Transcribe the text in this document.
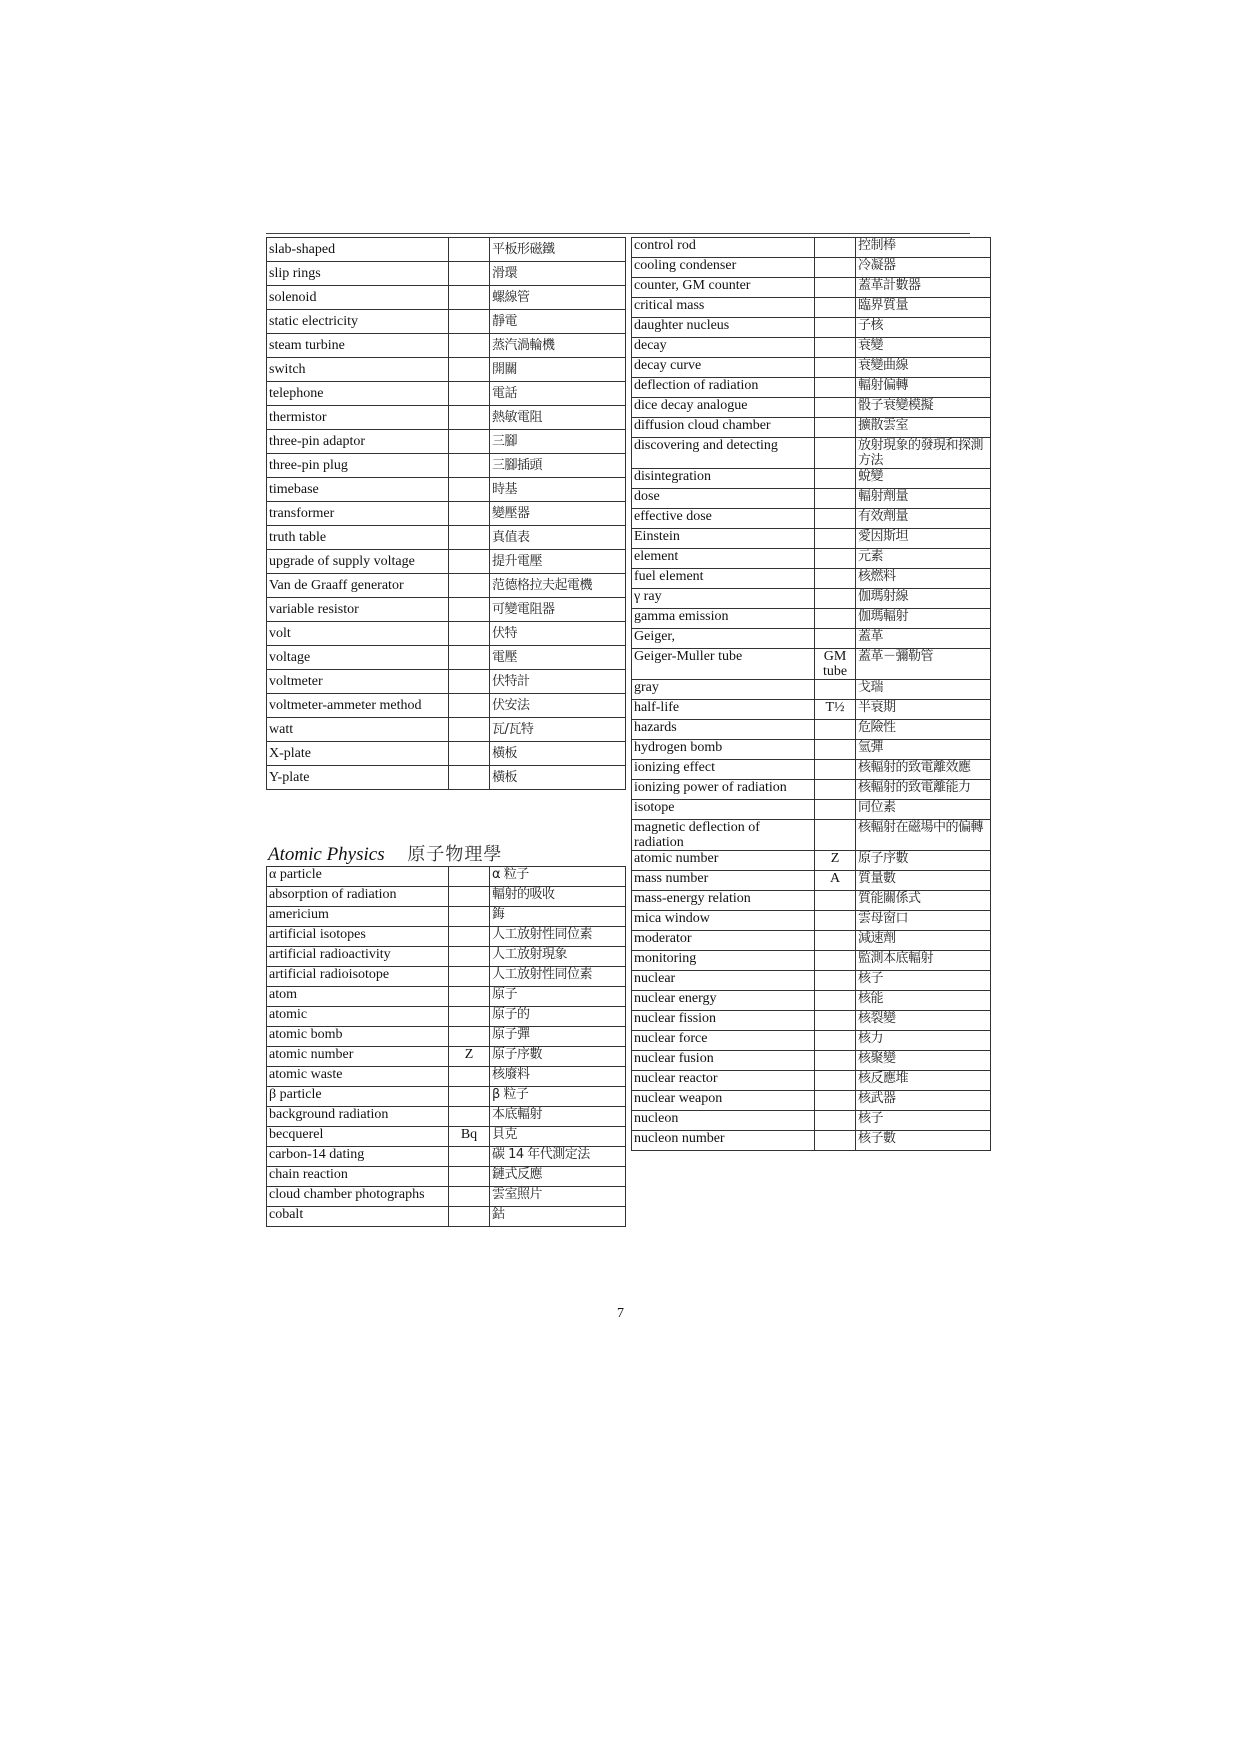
slab-shaped		平板形磁鐵
slip rings		滑環
solenoid		螺線管
static electricity		靜電
steam turbine		蒸汽渦輪機
switch		開關
telephone		電話
thermistor		熱敏電阻
three-pin adaptor		三腳
three-pin plug		三腳插頭
timebase		時基
transformer		變壓器
truth table		真值表
upgrade of supply voltage		提升電壓
Van de Graaff generator		范德格拉夫起電機
variable resistor		可變電阻器
volt		伏特
voltage		電壓
voltmeter		伏特計
voltmeter-ammeter method		伏安法
watt		瓦/瓦特
X-plate		橫板
Y-plate		橫板
Atomic Physics 原子物理學
α particle		α 粒子
absorption of radiation		輻射的吸收
americium		鋂
artificial isotopes		人工放射性同位素
artificial radioactivity		人工放射現象
artificial radioisotope		人工放射性同位素
atom		原子
atomic		原子的
atomic bomb		原子彈
atomic number	Z	原子序數
atomic waste		核廢料
β particle		β 粒子
background radiation		本底輻射
becquerel	Bq	貝克
carbon-14 dating		碳 14 年代測定法
chain reaction		鏈式反應
cloud chamber photographs		雲室照片
cobalt		鈷
control rod		控制棒
cooling condenser		冷凝器
counter, GM counter		蓋革計數器
critical mass		臨界質量
daughter nucleus		子核
decay		衰變
decay curve		衰變曲線
deflection of radiation		輻射偏轉
dice decay analogue		骰子衰變模擬
diffusion cloud chamber		擴散雲室
discovering and detecting		放射現象的發現和探測方法
disintegration		蛻變
dose		輻射劑量
effective dose		有效劑量
Einstein		愛因斯坦
element		元素
fuel element		核燃料
γ ray		伽瑪射線
gamma emission		伽瑪輻射
Geiger,		蓋革
Geiger-Muller tube	GM tube	蓋革－彌勒管
gray		戈瑞
half-life	T½	半衰期
hazards		危險性
hydrogen bomb		氫彈
ionizing effect		核輻射的致電離效應
ionizing power of radiation		核輻射的致電離能力
isotope		同位素
magnetic deflection of radiation		核輻射在磁場中的偏轉
atomic number	Z	原子序數
mass number	A	質量數
mass-energy relation		質能關係式
mica window		雲母窗口
moderator		減速劑
monitoring		監測本底輻射
nuclear		核子
nuclear energy		核能
nuclear fission		核裂變
nuclear force		核力
nuclear fusion		核聚變
nuclear reactor		核反應堆
nuclear weapon		核武器
nucleon		核子
nucleon number		核子數
7
